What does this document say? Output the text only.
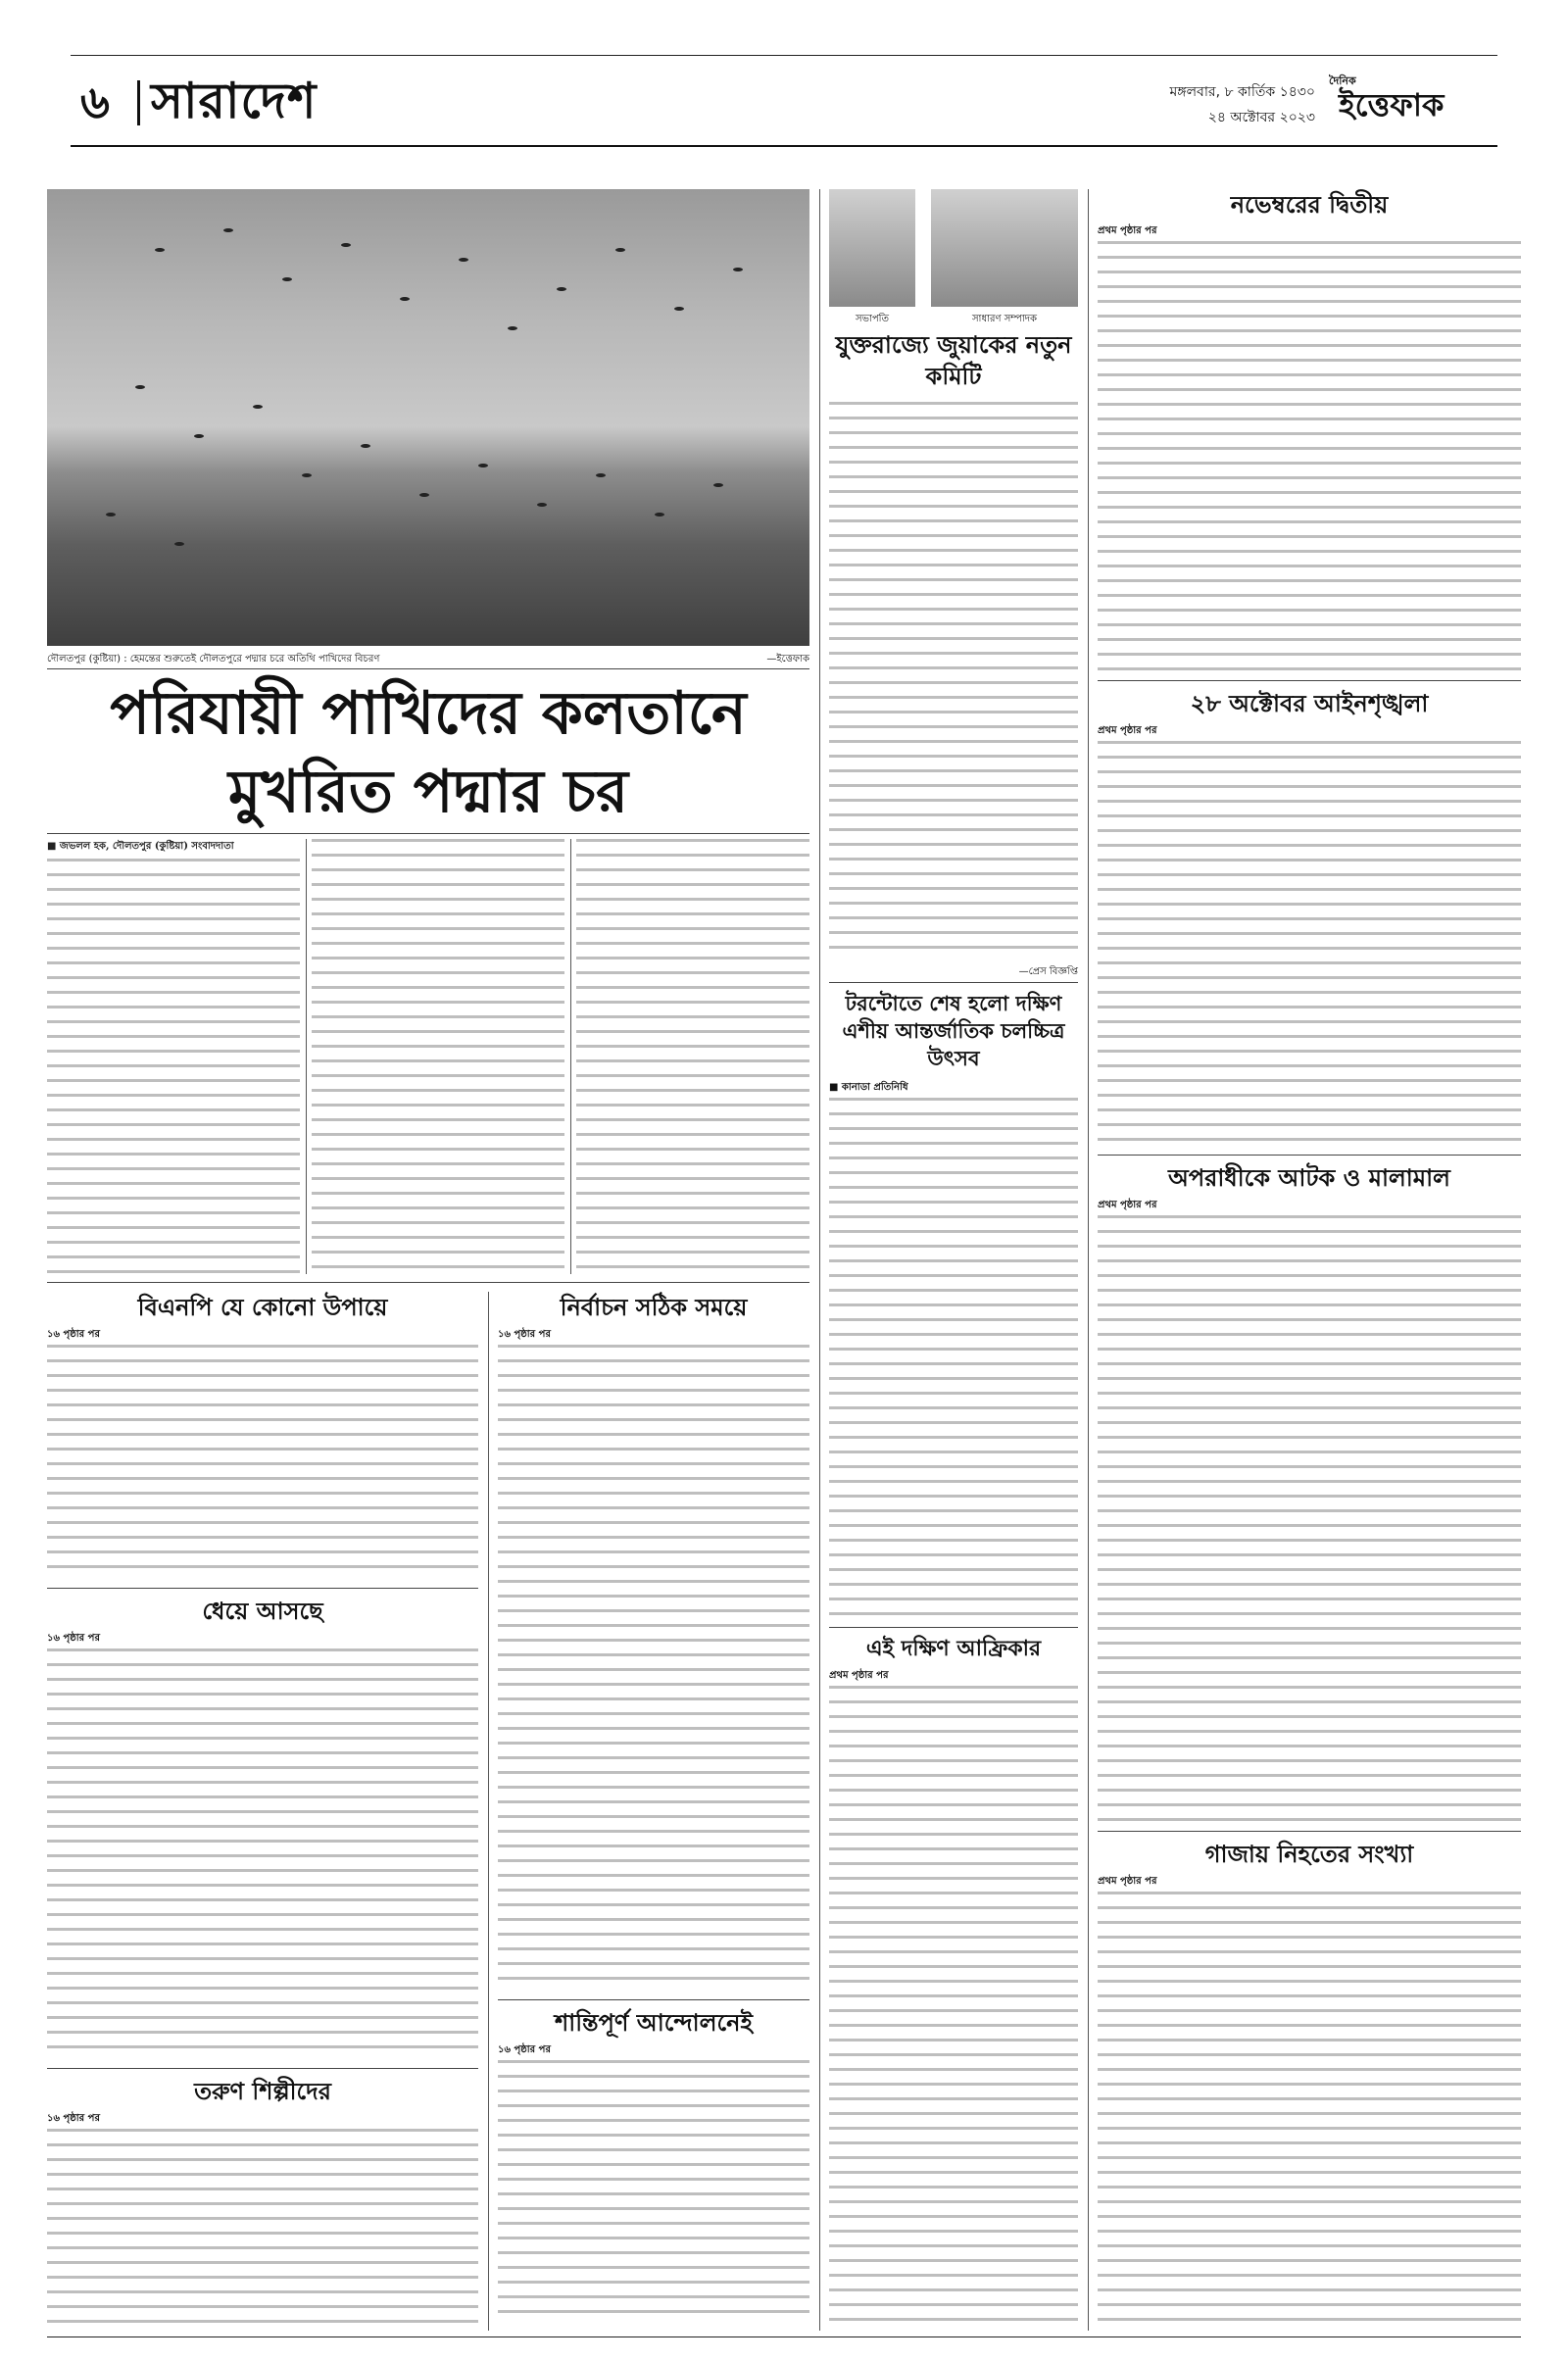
৬ সারাদেশ	মঙ্গলবার, ৮ কার্তিক ১৪৩০
২৪ অক্টোবর ২০২৩
দৈনিক
ইত্তেফাক
দৌলতপুর (কুষ্টিয়া) : হেমন্তের শুরুতেই দৌলতপুরে পদ্মার চরে অতিথি পাখিদের বিচরণ	—ইত্তেফাক
পরিযায়ী পাখিদের কলতানে
মুখরিত পদ্মার চর
■ জভলল হক, দৌলতপুর (কুষ্টিয়া) সংবাদদাতা
বিএনপি যে কোনো উপায়ে
১৬ পৃষ্ঠার পর
ধেয়ে আসছে
১৬ পৃষ্ঠার পর
তরুণ শিল্পীদের
১৬ পৃষ্ঠার পর
নির্বাচন সঠিক সময়ে
১৬ পৃষ্ঠার পর
শান্তিপূর্ণ আন্দোলনেই
১৬ পৃষ্ঠার পর
সভাপতি	সাধারণ সম্পাদক
যুক্তরাজ্যে জুয়াকের নতুন কমিটি
—প্রেস বিজ্ঞপ্তি
টরন্টোতে শেষ হলো দক্ষিণ এশীয় আন্তর্জাতিক চলচ্চিত্র উৎসব
■ কানাডা প্রতিনিধি
এই দক্ষিণ আফ্রিকার
প্রথম পৃষ্ঠার পর
নভেম্বরের দ্বিতীয়
প্রথম পৃষ্ঠার পর
২৮ অক্টোবর আইনশৃঙ্খলা
প্রথম পৃষ্ঠার পর
অপরাধীকে আটক ও মালামাল
প্রথম পৃষ্ঠার পর
গাজায় নিহতের সংখ্যা
প্রথম পৃষ্ঠার পর
